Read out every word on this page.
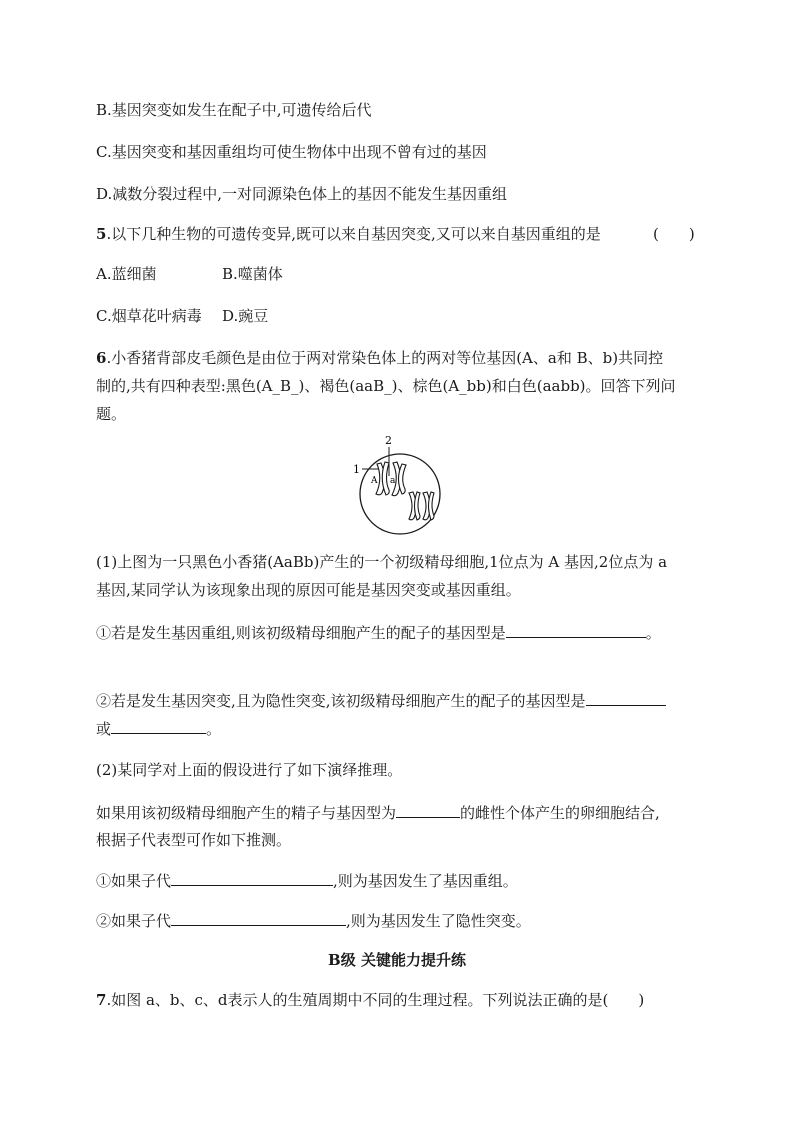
B.基因突变如发生在配子中,可遗传给后代
C.基因突变和基因重组均可使生物体中出现不曾有过的基因
D.减数分裂过程中,一对同源染色体上的基因不能发生基因重组
5.以下几种生物的可遗传变异,既可以来自基因突变,又可以来自基因重组的是	(　　)
A.蓝细菌	B.噬菌体
C.烟草花叶病毒 D.豌豆
6.小香猪背部皮毛颜色是由位于两对常染色体上的两对等位基因(A、a和 B、b)共同控
制的,共有四种表型:黑色(A_B_)、褐色(aaB_)、棕色(A_bb)和白色(aabb)。回答下列问
题。
1
2
A a
(1)上图为一只黑色小香猪(AaBb)产生的一个初级精母细胞,1位点为 A 基因,2位点为 a
基因,某同学认为该现象出现的原因可能是基因突变或基因重组。
①若是发生基因重组,则该初级精母细胞产生的配子的基因型是	。
②若是发生基因突变,且为隐性突变,该初级精母细胞产生的配子的基因型是
或	。
(2)某同学对上面的假设进行了如下演绎推理。
如果用该初级精母细胞产生的精子与基因型为	的雌性个体产生的卵细胞结合,
根据子代表型可作如下推测。
①如果子代	,则为基因发生了基因重组。
②如果子代	,则为基因发生了隐性突变。
B级 关键能力提升练
7.如图 a、b、c、d表示人的生殖周期中不同的生理过程。下列说法正确的是(　　)
